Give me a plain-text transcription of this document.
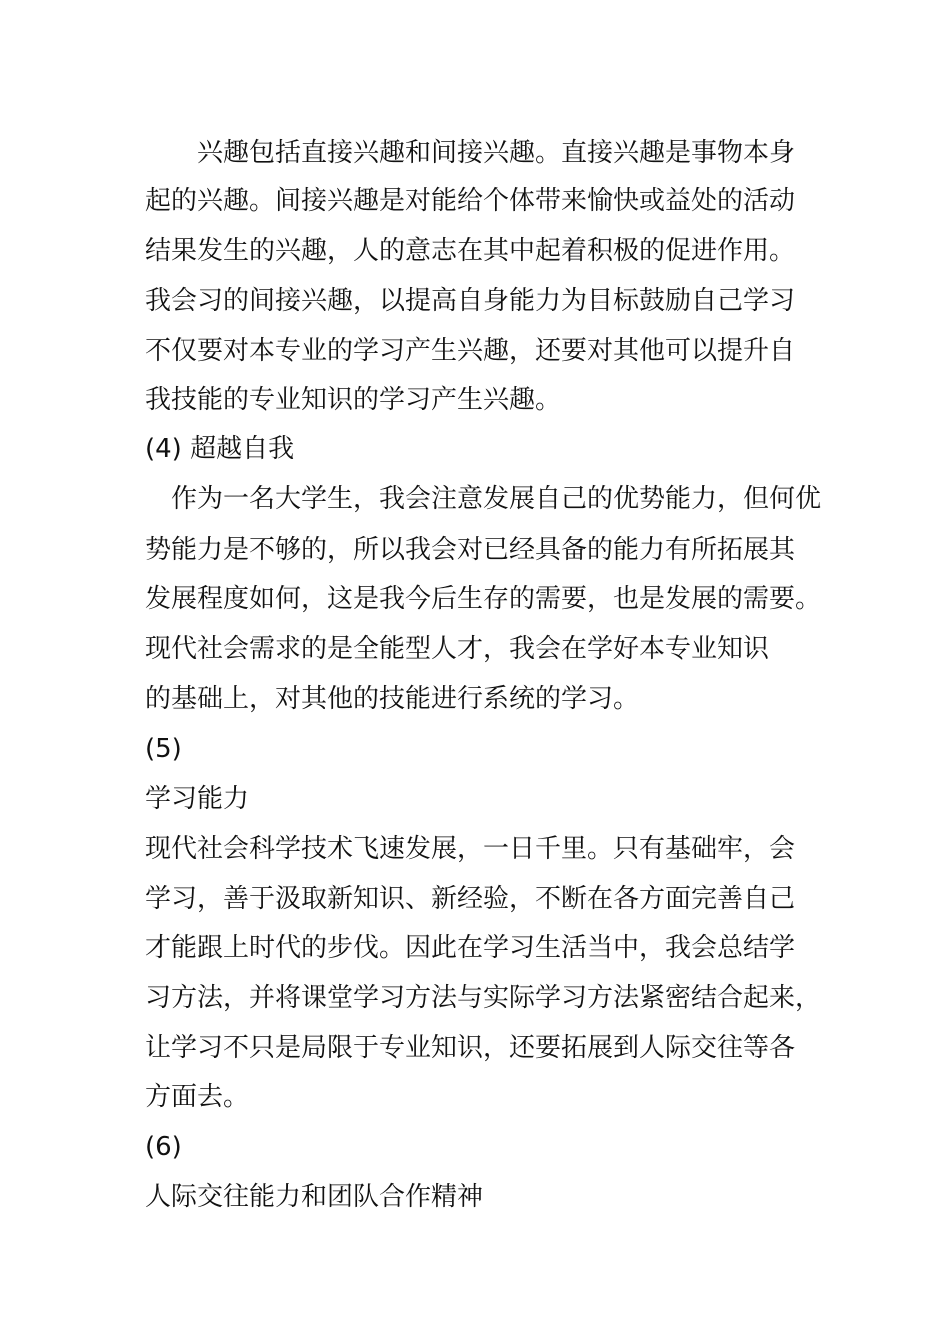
　　兴趣包括直接兴趣和间接兴趣。直接兴趣是事物本身
起的兴趣。间接兴趣是对能给个体带来愉快或益处的活动
结果发生的兴趣，人的意志在其中起着积极的促进作用。
我会习的间接兴趣，以提高自身能力为目标鼓励自己学习
不仅要对本专业的学习产生兴趣，还要对其他可以提升自
我技能的专业知识的学习产生兴趣。
(4) 超越自我
　作为一名大学生，我会注意发展自己的优势能力，但何优
势能力是不够的，所以我会对已经具备的能力有所拓展其
发展程度如何，这是我今后生存的需要，也是发展的需要。
现代社会需求的是全能型人才，我会在学好本专业知识
的基础上，对其他的技能进行系统的学习。
(5)
学习能力
现代社会科学技术飞速发展，一日千里。只有基础牢，会
学习，善于汲取新知识、新经验，不断在各方面完善自己
才能跟上时代的步伐。因此在学习生活当中，我会总结学
习方法，并将课堂学习方法与实际学习方法紧密结合起来，
让学习不只是局限于专业知识，还要拓展到人际交往等各
方面去。
(6)
人际交往能力和团队合作精神
